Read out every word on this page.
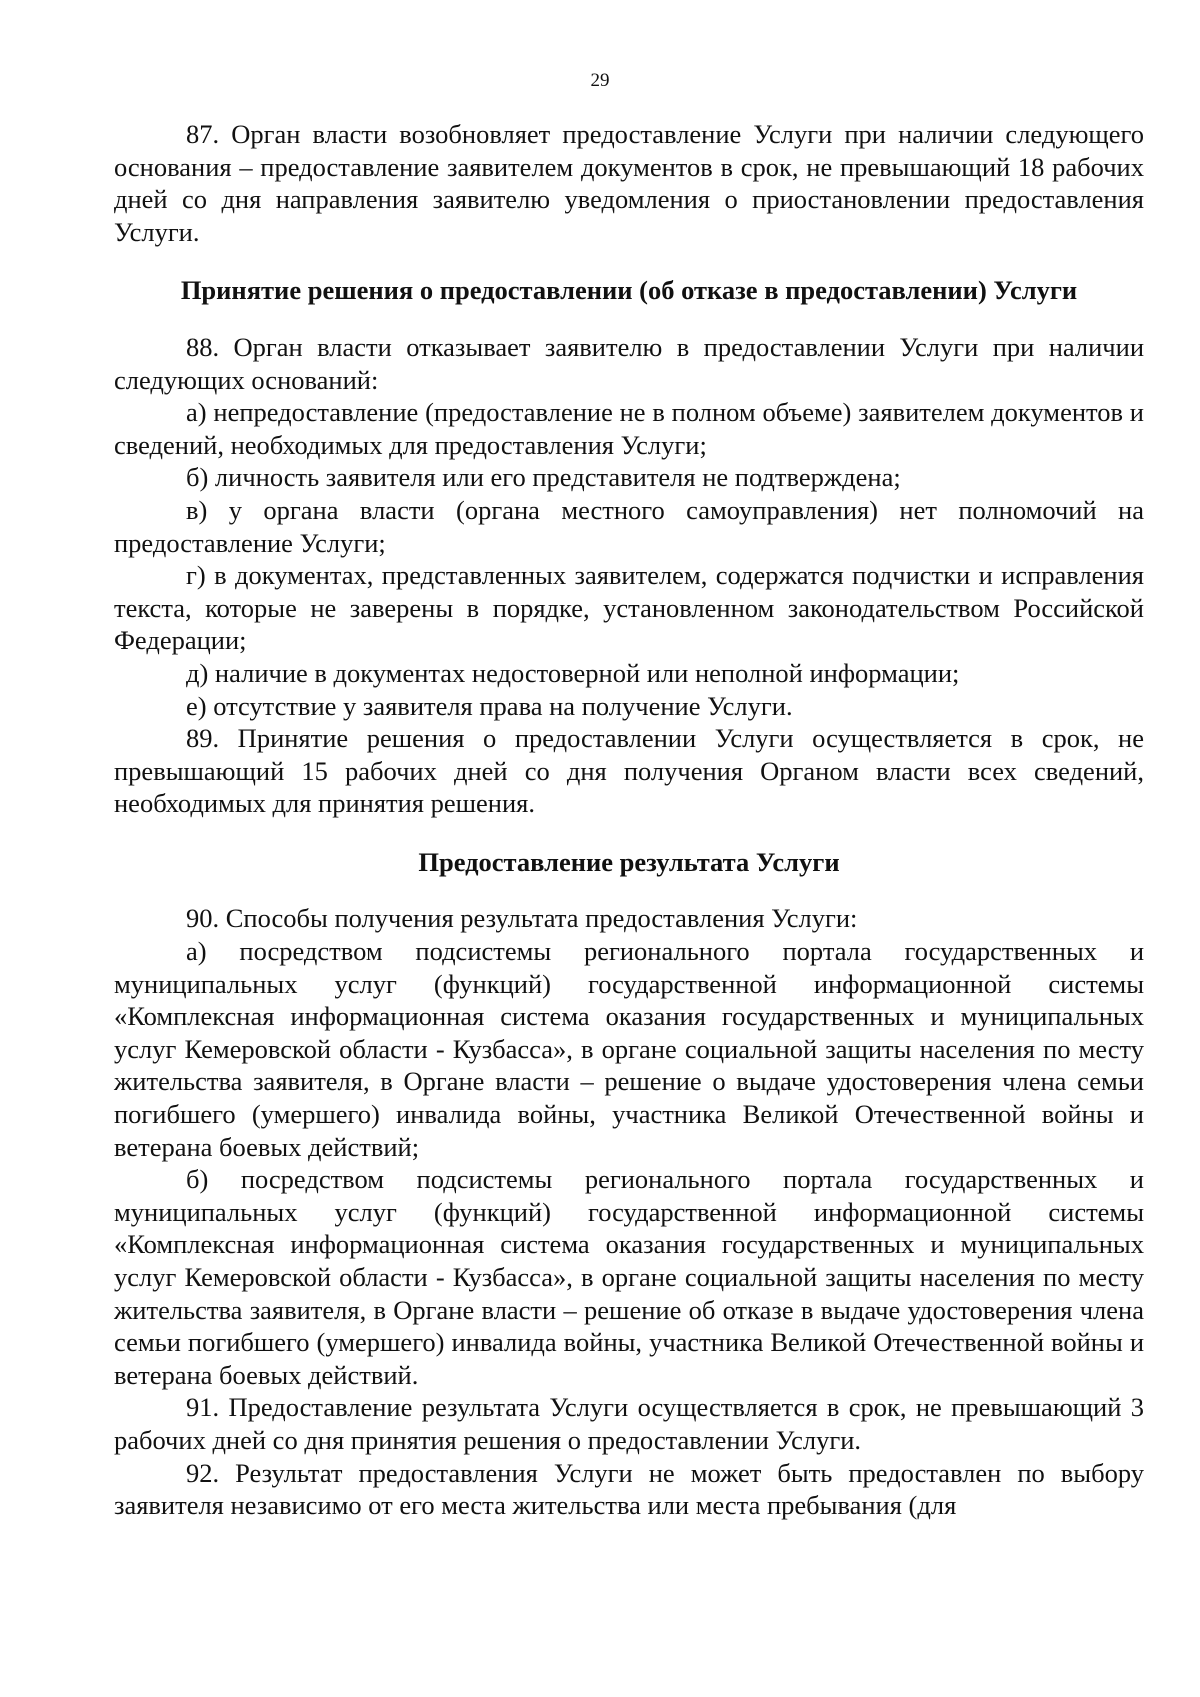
29

87. Орган власти возобновляет предоставление Услуги при наличии следующего основания – предоставление заявителем документов в срок, не превышающий 18 рабочих дней со дня направления заявителю уведомления о приостановлении предоставления Услуги.

Принятие решения о предоставлении (об отказе в предоставлении) Услуги

88. Орган власти отказывает заявителю в предоставлении Услуги при наличии следующих оснований:

а) непредоставление (предоставление не в полном объеме) заявителем документов и сведений, необходимых для предоставления Услуги;

б) личность заявителя или его представителя не подтверждена;

в) у органа власти (органа местного самоуправления) нет полномочий на предоставление Услуги;

г) в документах, представленных заявителем, содержатся подчистки и исправления текста, которые не заверены в порядке, установленном законодательством Российской Федерации;

д) наличие в документах недостоверной или неполной информации;

е) отсутствие у заявителя права на получение Услуги.

89. Принятие решения о предоставлении Услуги осуществляется в срок, не превышающий 15 рабочих дней со дня получения Органом власти всех сведений, необходимых для принятия решения.

Предоставление результата Услуги

90. Способы получения результата предоставления Услуги:

а) посредством подсистемы регионального портала государственных и муниципальных услуг (функций) государственной информационной системы «Комплексная информационная система оказания государственных и муниципальных услуг Кемеровской области - Кузбасса», в органе социальной защиты населения по месту жительства заявителя, в Органе власти – решение о выдаче удостоверения члена семьи погибшего (умершего) инвалида войны, участника Великой Отечественной войны и ветерана боевых действий;

б) посредством подсистемы регионального портала государственных и муниципальных услуг (функций) государственной информационной системы «Комплексная информационная система оказания государственных и муниципальных услуг Кемеровской области - Кузбасса», в органе социальной защиты населения по месту жительства заявителя, в Органе власти – решение об отказе в выдаче удостоверения члена семьи погибшего (умершего) инвалида войны, участника Великой Отечественной войны и ветерана боевых действий.

91. Предоставление результата Услуги осуществляется в срок, не превышающий 3 рабочих дней со дня принятия решения о предоставлении Услуги.

92. Результат предоставления Услуги не может быть предоставлен по выбору заявителя независимо от его места жительства или места пребывания (для
